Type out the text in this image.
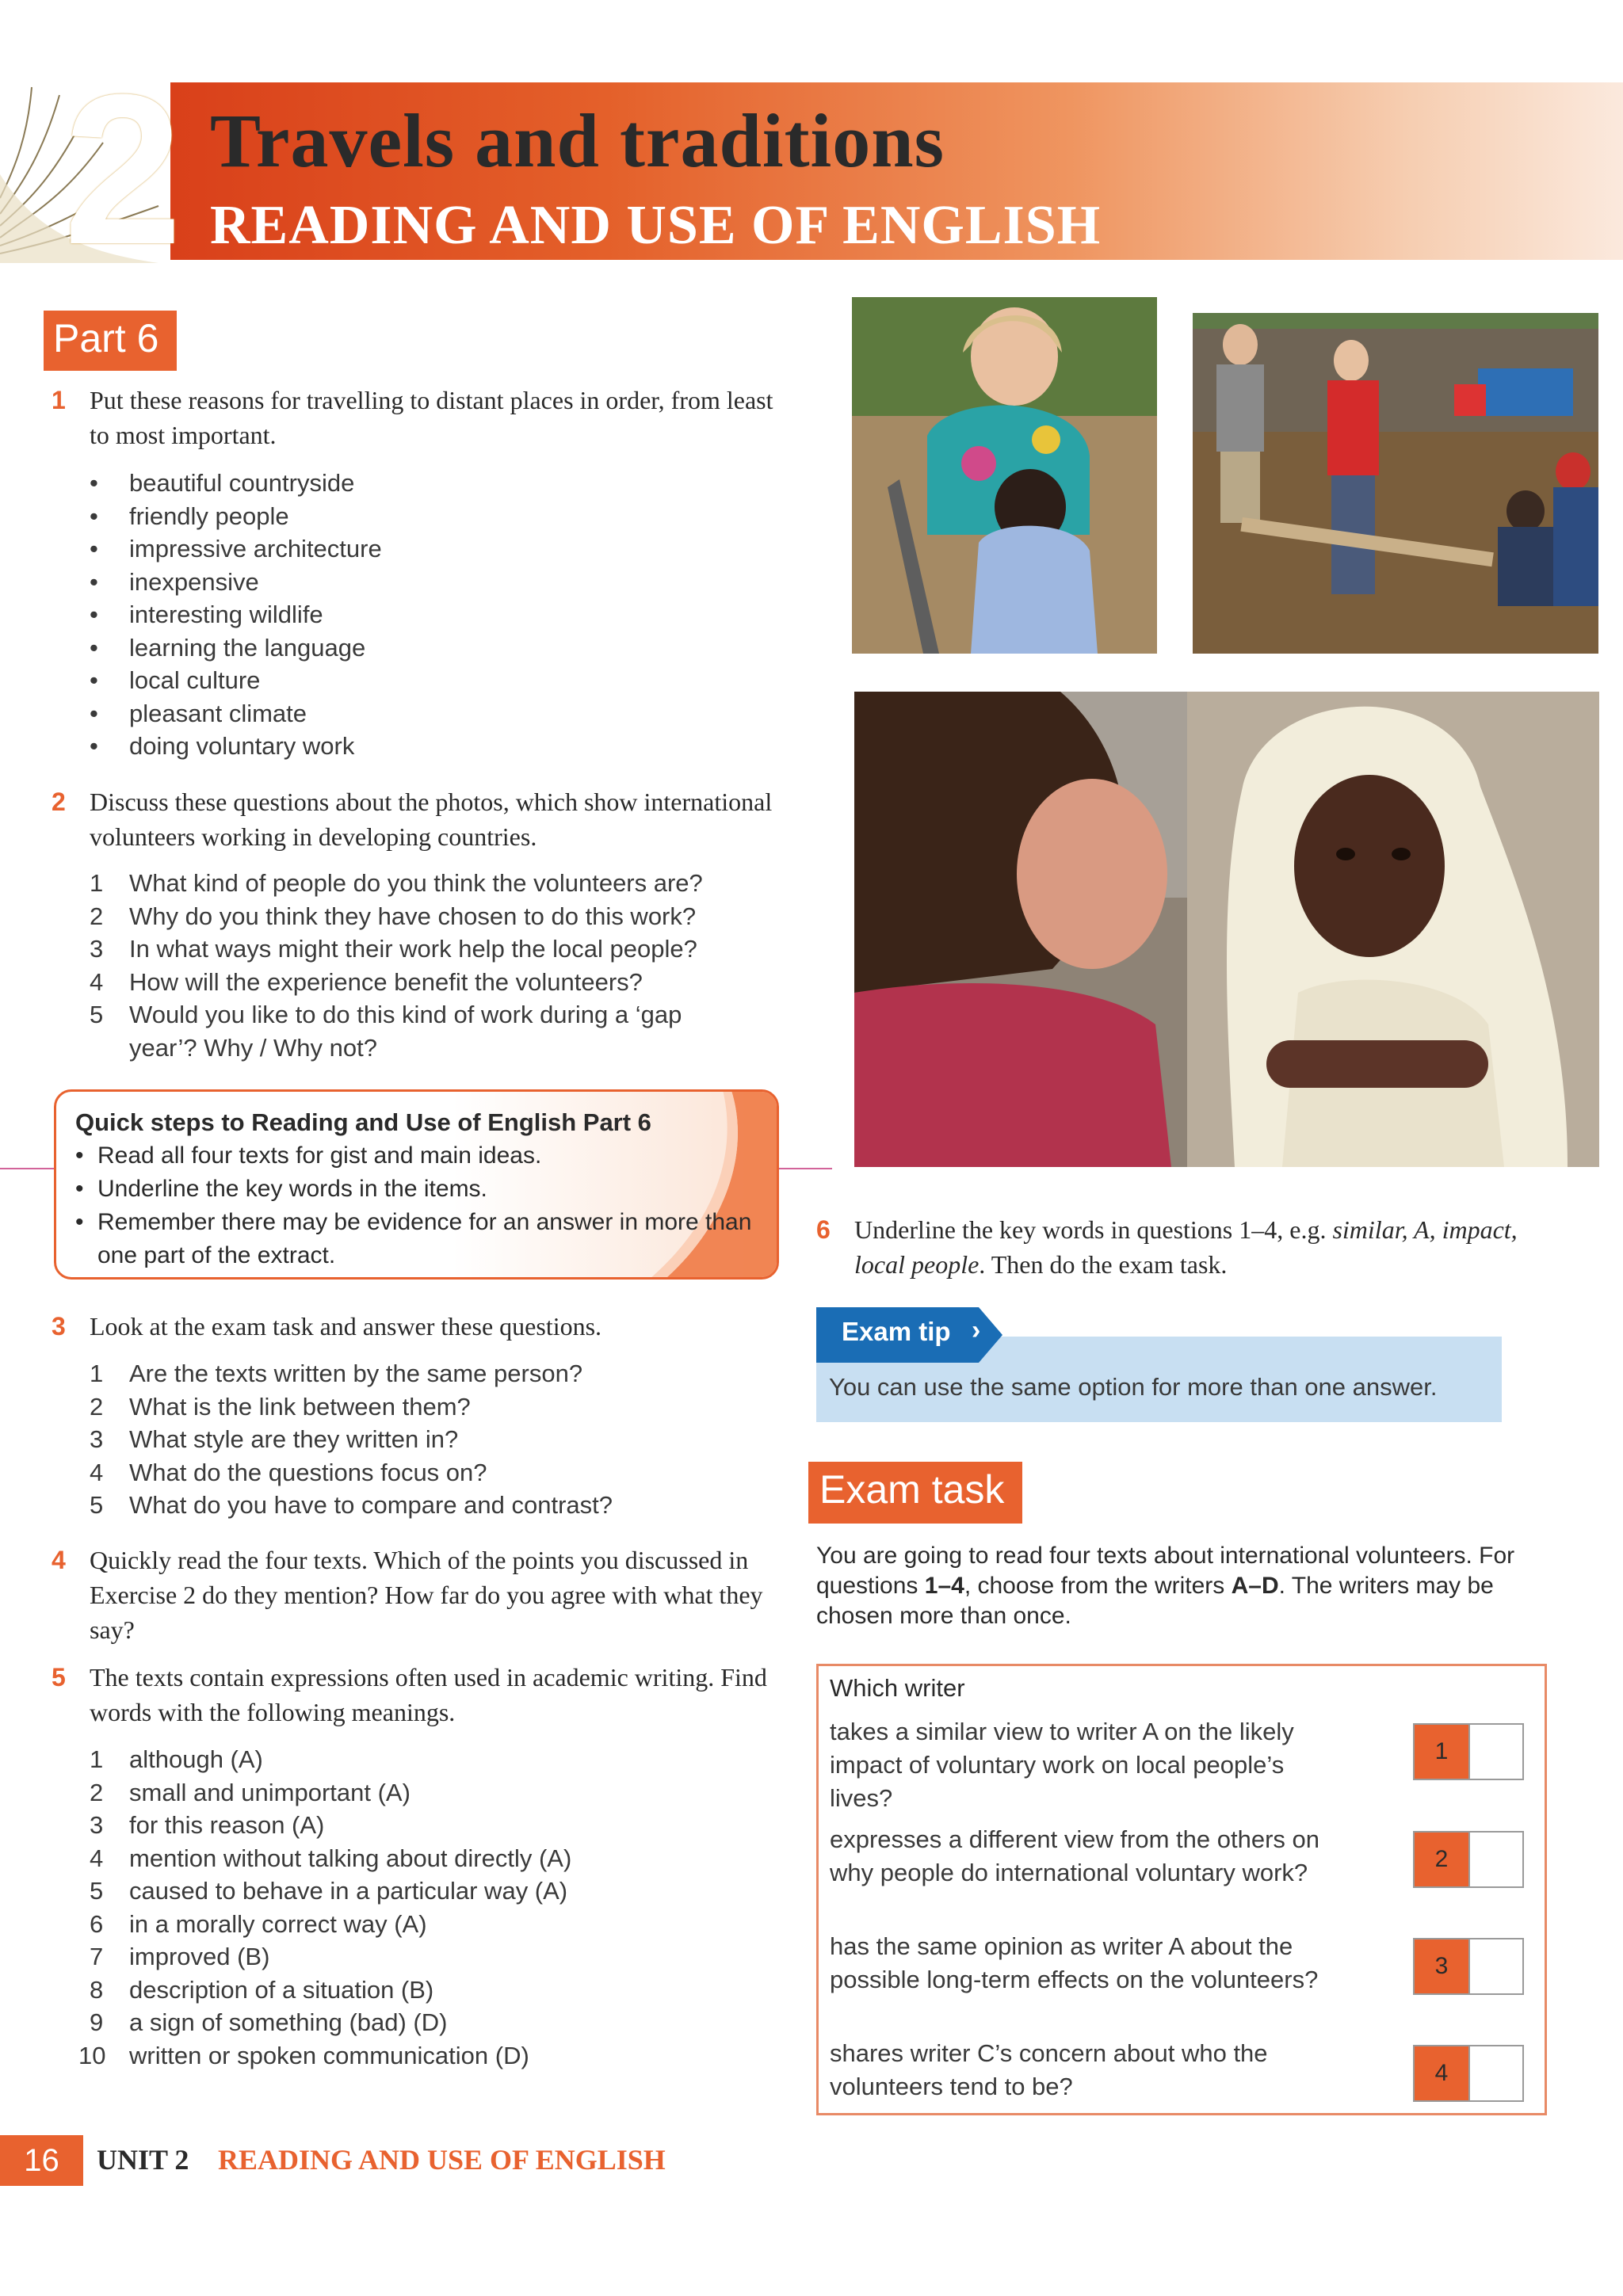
2 Travels and traditions
READING AND USE OF ENGLISH
Part 6
1 Put these reasons for travelling to distant places in order, from least to most important.
• beautiful countryside
• friendly people
• impressive architecture
• inexpensive
• interesting wildlife
• learning the language
• local culture
• pleasant climate
• doing voluntary work
2 Discuss these questions about the photos, which show international volunteers working in developing countries.
1	What kind of people do you think the volunteers are?
2	Why do you think they have chosen to do this work?
3	In what ways might their work help the local people?
4	How will the experience benefit the volunteers?
5	Would you like to do this kind of work during a ‘gap year’? Why / Why not?
Quick steps to Reading and Use of English Part 6
• Read all four texts for gist and main ideas.
• Underline the key words in the items.
• Remember there may be evidence for an answer in more than one part of the extract.
3 Look at the exam task and answer these questions.
1	Are the texts written by the same person?
2	What is the link between them?
3	What style are they written in?
4	What do the questions focus on?
5	What do you have to compare and contrast?
4 Quickly read the four texts. Which of the points you discussed in Exercise 2 do they mention? How far do you agree with what they say?
5 The texts contain expressions often used in academic writing. Find words with the following meanings.
1	although (A)
2	small and unimportant (A)
3	for this reason (A)
4	mention without talking about directly (A)
5	caused to behave in a particular way (A)
6	in a morally correct way (A)
7	improved (B)
8	description of a situation (B)
9	a sign of something (bad) (D)
10 written or spoken communication (D)
6 Underline the key words in questions 1–4, e.g. similar, A, impact, local people. Then do the exam task.
Exam tip ›
You can use the same option for more than one answer.
Exam task
You are going to read four texts about international volunteers. For questions 1–4, choose from the writers A–D. The writers may be chosen more than once.
Which writer
takes a similar view to writer A on the likely impact of voluntary work on local people’s lives?
1
expresses a different view from the others on why people do international voluntary work?	2
has the same opinion as writer A about the possible long-term effects on the volunteers?	3
shares writer C’s concern about who the volunteers tend to be?	4
16	UNIT 2 READING AND USE OF ENGLISH
